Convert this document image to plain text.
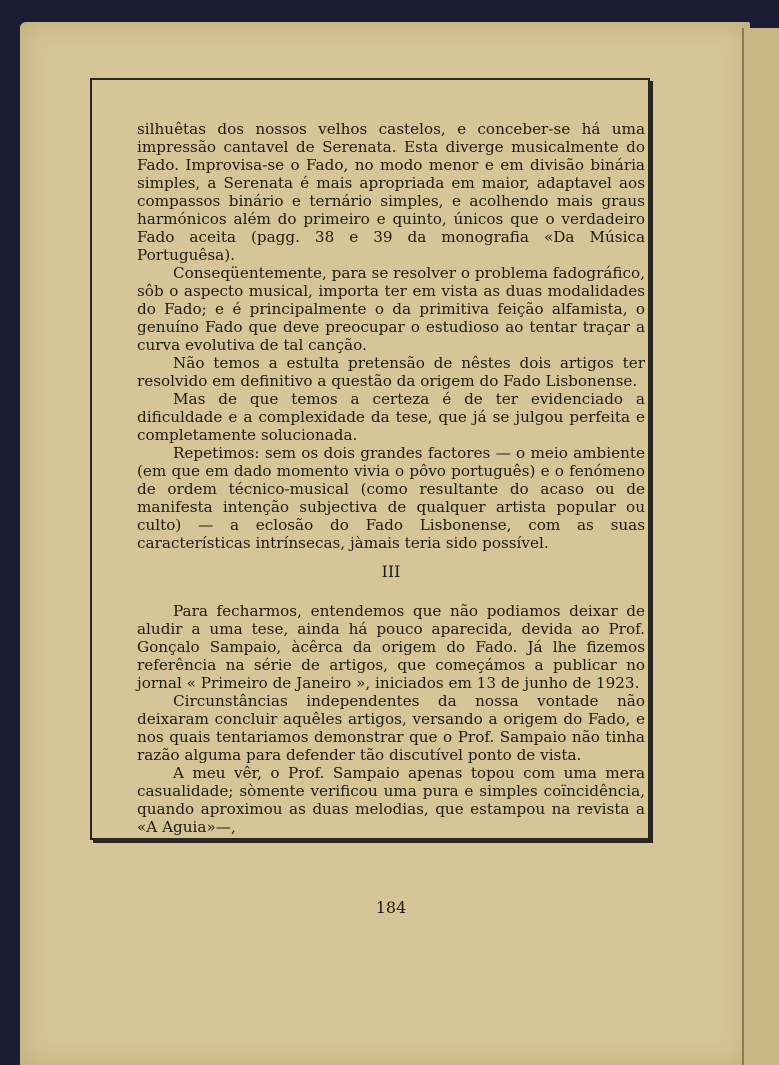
silhuêtas dos nossos velhos castelos, e conceber-se há uma impressão cantavel de Serenata. Esta diverge musicalmente do Fado. Improvisa-se o Fado, no modo menor e em divisão binária simples, a Serenata é mais apropriada em maior, adaptavel aos compassos binário e ternário simples, e acolhendo mais graus harmónicos além do primeiro e quinto, únicos que o verdadeiro Fado aceita (pagg. 38 e 39 da monografia «Da Música Portuguêsa).

Conseqüentemente, para se resolver o problema fadográfico, sôb o aspecto musical, importa ter em vista as duas modalidades do Fado; e é principalmente o da primitiva feição alfamista, o genuíno Fado que deve preocupar o estudioso ao tentar traçar a curva evolutiva de tal canção.

Não temos a estulta pretensão de nêstes dois artigos ter resolvido em definitivo a questão da origem do Fado Lisbonense.

Mas de que temos a certeza é de ter evidenciado a dificuldade e a complexidade da tese, que já se julgou perfeita e completamente solucionada.

Repetimos: sem os dois grandes factores — o meio ambiente (em que em dado momento vivia o pôvo português) e o fenómeno de ordem técnico-musical (como resultante do acaso ou de manifesta intenção subjectiva de qualquer artista popular ou culto) — a eclosão do Fado Lisbonense, com as suas características intrínsecas, jàmais teria sido possível.

III

Para fecharmos, entendemos que não podiamos deixar de aludir a uma tese, ainda há pouco aparecida, devida ao Prof. Gonçalo Sampaio, àcêrca da origem do Fado. Já lhe fizemos referência na série de artigos, que começámos a publicar no jornal « Primeiro de Janeiro », iniciados em 13 de junho de 1923.

Circunstâncias independentes da nossa vontade não deixaram concluir aquêles artigos, versando a origem do Fado, e nos quais tentariamos demonstrar que o Prof. Sampaio não tinha razão alguma para defender tão discutível ponto de vista.

A meu vêr, o Prof. Sampaio apenas topou com uma mera casualidade; sòmente verificou uma pura e simples coïncidência, quando aproximou as duas melodias, que estampou na revista a «A Aguia»—,

184
